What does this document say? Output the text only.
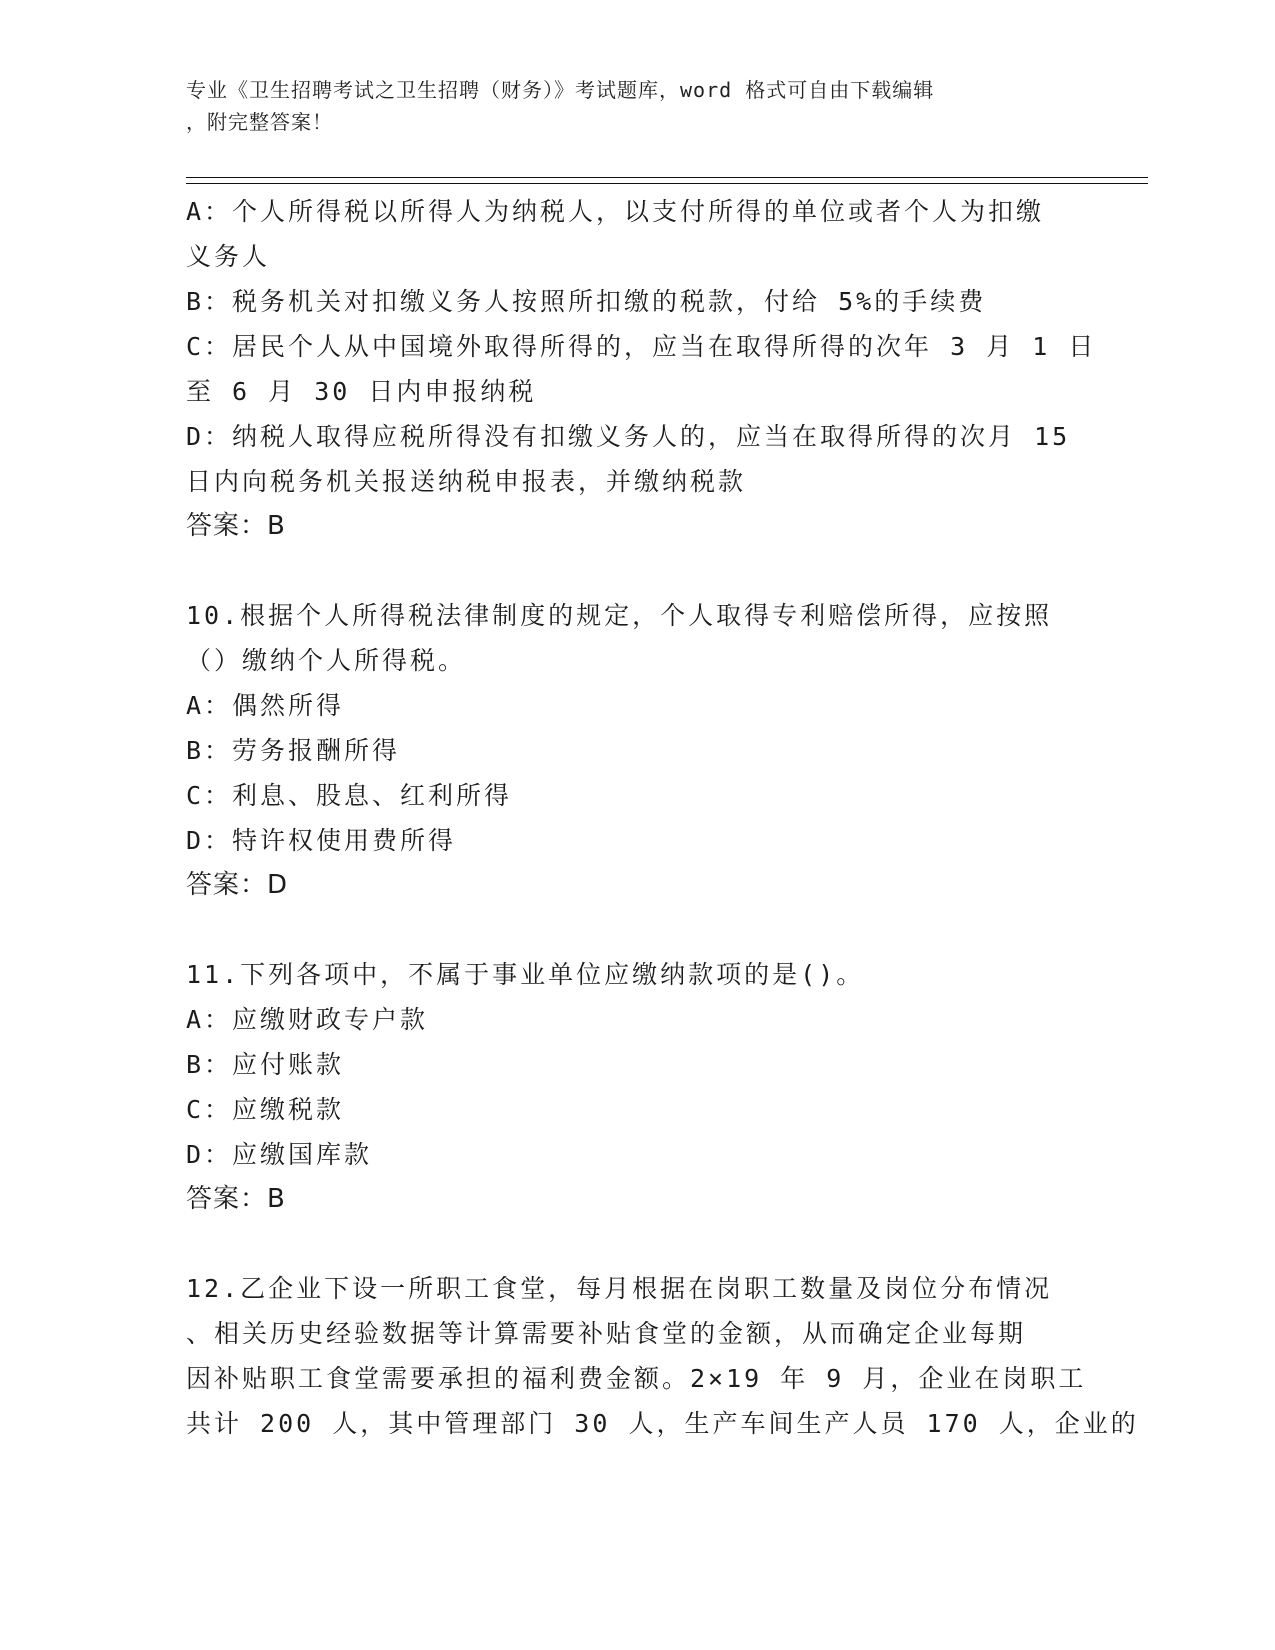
专业《卫生招聘考试之卫生招聘（财务）》考试题库，word 格式可自由下载编辑
，附完整答案！
A：个人所得税以所得人为纳税人，以支付所得的单位或者个人为扣缴
义务人
B：税务机关对扣缴义务人按照所扣缴的税款，付给 5%的手续费
C：居民个人从中国境外取得所得的，应当在取得所得的次年 3 月 1 日
至 6 月 30 日内申报纳税
D：纳税人取得应税所得没有扣缴义务人的，应当在取得所得的次月 15
日内向税务机关报送纳税申报表，并缴纳税款
答案：B
10.根据个人所得税法律制度的规定，个人取得专利赔偿所得，应按照
（）缴纳个人所得税。
A：偶然所得
B：劳务报酬所得
C：利息、股息、红利所得
D：特许权使用费所得
答案：D
11.下列各项中，不属于事业单位应缴纳款项的是()。
A：应缴财政专户款
B：应付账款
C：应缴税款
D：应缴国库款
答案：B
12.乙企业下设一所职工食堂，每月根据在岗职工数量及岗位分布情况
、相关历史经验数据等计算需要补贴食堂的金额，从而确定企业每期
因补贴职工食堂需要承担的福利费金额。2×19 年 9 月，企业在岗职工
共计 200 人，其中管理部门 30 人，生产车间生产人员 170 人，企业的
